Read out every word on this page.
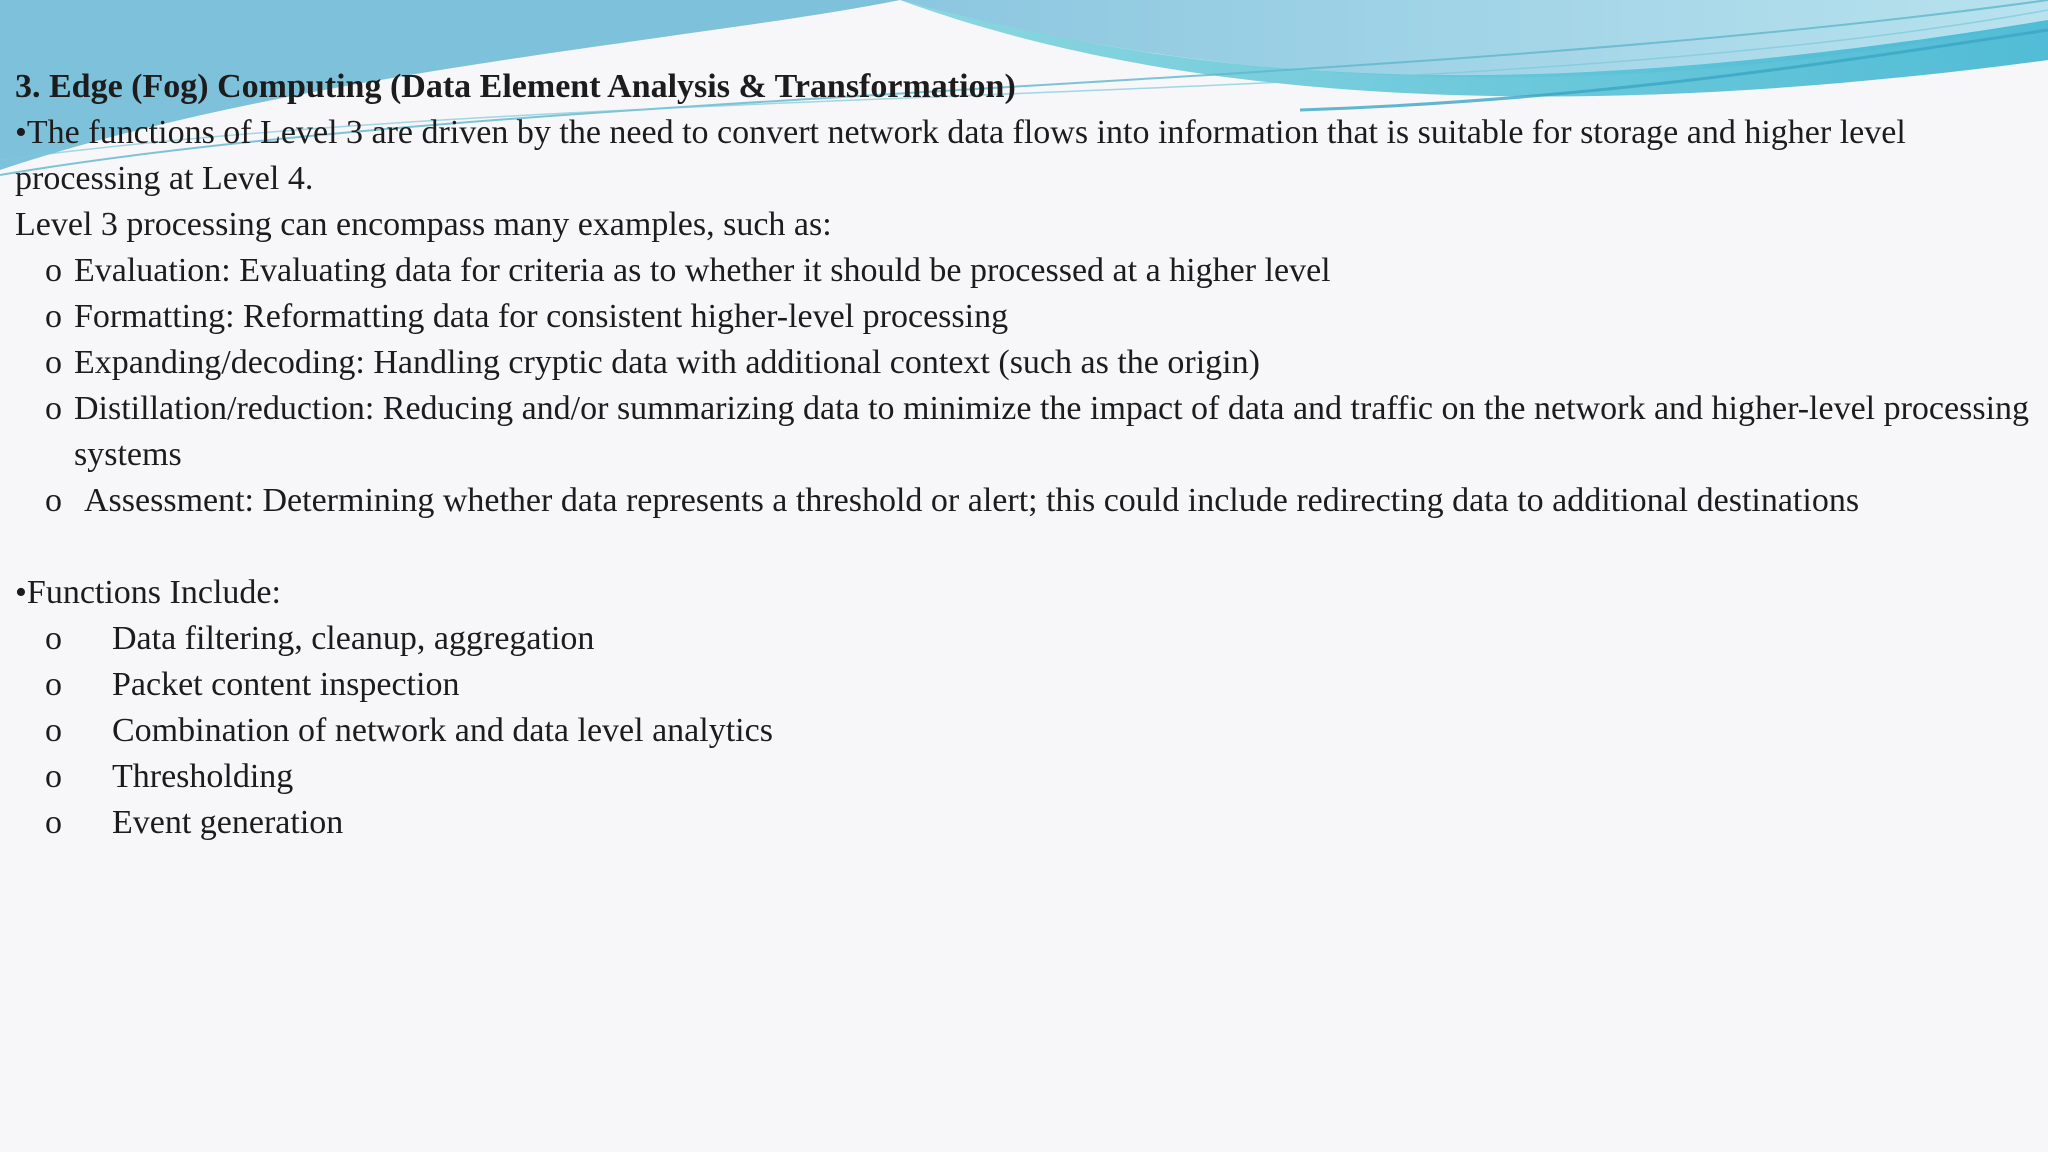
3. Edge (Fog) Computing (Data Element Analysis & Transformation)

•The functions of Level 3 are driven by the need to convert network data flows into information that is suitable for storage and higher level processing at Level 4.

Level 3 processing can encompass many examples, such as:

o Evaluation: Evaluating data for criteria as to whether it should be processed at a higher level
o Formatting: Reformatting data for consistent higher-level processing
o Expanding/decoding: Handling cryptic data with additional context (such as the origin)
o Distillation/reduction: Reducing and/or summarizing data to minimize the impact of data and traffic on the network and higher-level processing systems
o Assessment: Determining whether data represents a threshold or alert; this could include redirecting data to additional destinations

•Functions Include:

o Data filtering, cleanup, aggregation
o Packet content inspection
o Combination of network and data level analytics
o Thresholding
o Event generation
